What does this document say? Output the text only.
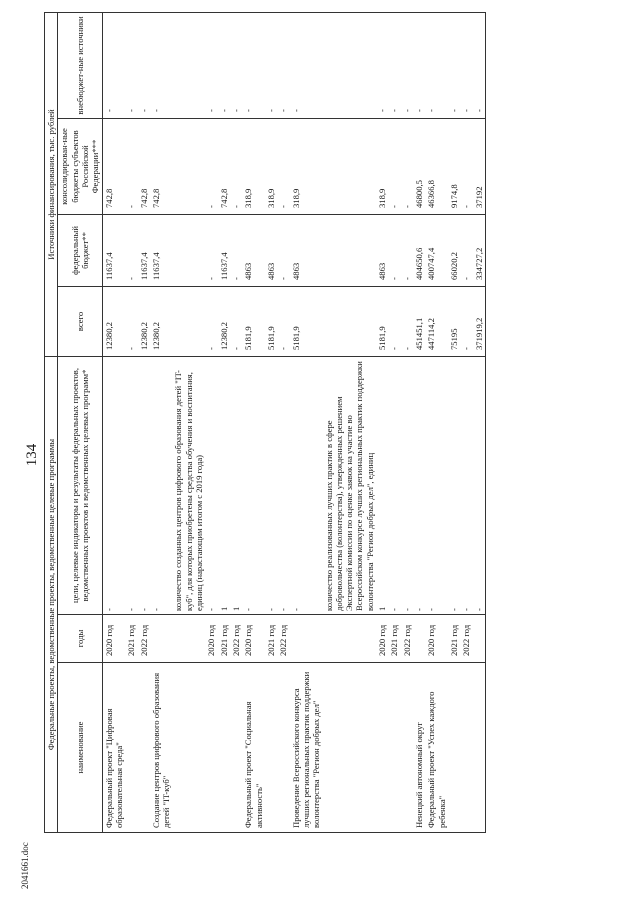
134 Федеральные проекты, ведомственные проекты, ведомственные целевые программы			Источники финансирования, тыс. рублей			
наименование	годы	цели, целевые индикаторы и результаты федеральных проектов, ведомственных проектов и ведомственных целевых программ*	всего	федеральный бюджет**	консолидирован-ные бюджеты субъектов Российской Федерации***	внебюджет-ные источники
Федеральный проект "Цифровая образовательная среда"	2020 год	-	12380,2	11637,4	742,8	-
	2021 год	-	-	-	-	-
	2022 год	-	12380,2	11637,4	742,8	-
Создание центров цифрового образования детей "IT-куб"		-	12380,2	11637,4	742,8	-
		количество созданных центров цифрового образования детей "IT-куб", для которых приобретены средства обучения и воспитания, единиц (нарастающим итогом с 2019 года)				
	2020 год	-	-	-	-	-
	2021 год	1	12380,2	11637,4	742,8	-
	2022 год	1	-	-	-	-
Федеральный проект "Социальная активность"	2020 год	-	5181,9	4863	318,9	-
	2021 год	-	5181,9	4863	318,9	-
	2022 год	-	-	-	-	-
Проведение Всероссийского конкурса лучших региональных практик поддержки волонтерства "Регион добрых дел"		-	5181,9	4863	318,9	-
		количество реализованных лучших практик в сфере добровольчества (волонтерства), утвержденных решением Экспертной комиссии по оценке заявок на участие во Всероссийском конкурсе лучших региональных практик поддержки волонтерства "Регион добрых дел", единиц				
	2020 год	1	5181,9	4863	318,9	-
	2021 год	-	-	-	-	-
	2022 год	-	-	-	-	-
Ненецкий автономный округ		-	451451,1	404650,6	46800,5	-
Федеральный проект "Успех каждого ребенка"	2020 год	-	447114,2	400747,4	46366,8	-
	2021 год	-	75195	66020,2	9174,8	-
	2022 год	-	-	-	-	-
		-	371919,2	334727,2	37192	-
2041661.doc
